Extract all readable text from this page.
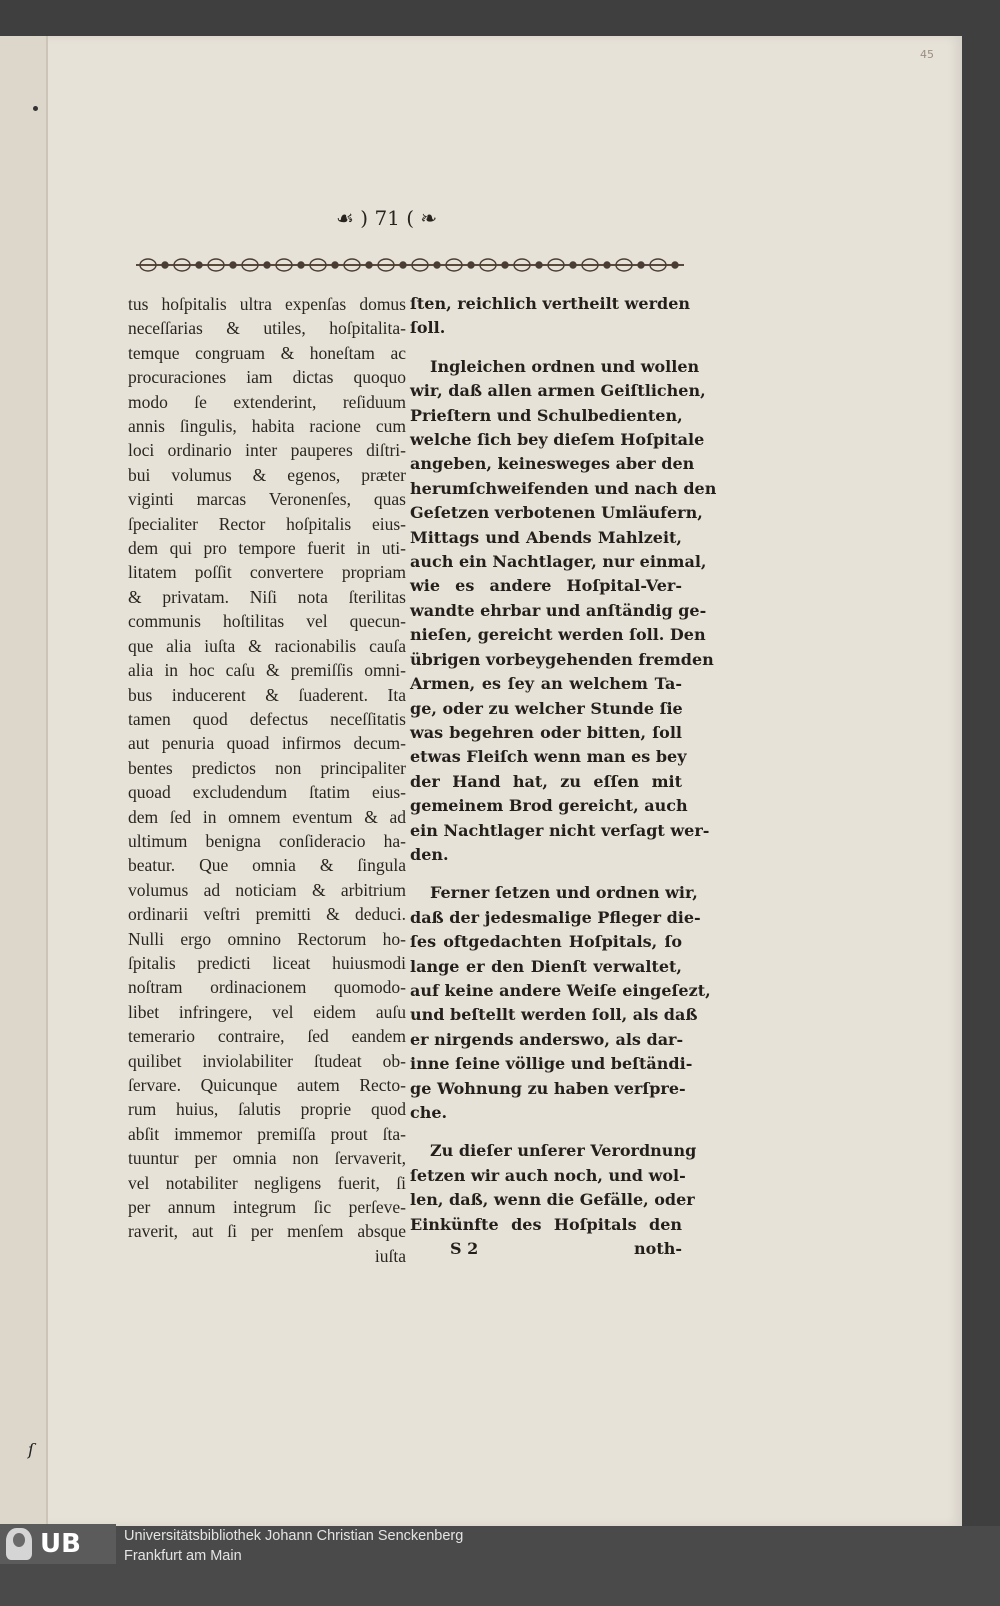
ſ
45
☙ ) 71 ( ❧
tus hoſpitalis ultra expenſas domus
neceſſarias & utiles, hoſpitalita-
temque congruam & honeſtam ac
procuraciones iam dictas quoquo
modo ſe extenderint, reſiduum
annis ſingulis, habita racione cum
loci ordinario inter pauperes diſtri-
bui volumus & egenos, præter
viginti marcas Veronenſes, quas
ſpecialiter Rector hoſpitalis eius-
dem qui pro tempore fuerit in uti-
litatem poſſit convertere propriam
& privatam. Niſi nota ſterilitas
communis hoſtilitas vel quecun-
que alia iuſta & racionabilis cauſa
alia in hoc caſu & premiſſis omni-
bus inducerent & ſuaderent. Ita
tamen quod defectus neceſſitatis
aut penuria quoad infirmos decum-
bentes predictos non principaliter
quoad excludendum ſtatim eius-
dem ſed in omnem eventum & ad
ultimum benigna conſideracio ha-
beatur. Que omnia & ſingula
volumus ad noticiam & arbitrium
ordinarii veſtri premitti & deduci.
Nulli ergo omnino Rectorum ho-
ſpitalis predicti liceat huiusmodi
noſtram ordinacionem quomodo-
libet infringere, vel eidem auſu
temerario contraire, ſed eandem
quilibet inviolabiliter ſtudeat ob-
ſervare. Quicunque autem Recto-
rum huius, ſalutis proprie quod
abſit immemor premiſſa prout ſta-
tuuntur per omnia non ſervaverit,
vel notabiliter negligens fuerit, ſi
per annum integrum ſic perſeve-
raverit, aut ſi per menſem absque
iuſta
ſten, reichlich vertheilt werden
ſoll.
Ingleichen ordnen und wollen
wir, daß allen armen Geiſtlichen,
Prieſtern und Schulbedienten,
welche ſich bey dieſem Hoſpitale
angeben, keinesweges aber den
herumſchweifenden und nach den
Geſetzen verbotenen Umläufern,
Mittags und Abends Mahlzeit,
auch ein Nachtlager, nur einmal,
wie es andere Hoſpital-Ver-
wandte ehrbar und anſtändig ge-
nieſen, gereicht werden ſoll. Den
übrigen vorbeygehenden fremden
Armen, es ſey an welchem Ta-
ge, oder zu welcher Stunde ſie
was begehren oder bitten, ſoll
etwas Fleiſch wenn man es bey
der Hand hat, zu eſſen mit
gemeinem Brod gereicht, auch
ein Nachtlager nicht verſagt wer-
den.
Ferner ſetzen und ordnen wir,
daß der jedesmalige Pfleger die-
ſes oftgedachten Hoſpitals, ſo
lange er den Dienſt verwaltet,
auf keine andere Weiſe eingeſezt,
und beſtellt werden ſoll, als daß
er nirgends anderswo, als dar-
inne ſeine völlige und beſtändi-
ge Wohnung zu haben verſpre-
che.
Zu dieſer unſerer Verordnung
ſetzen wir auch noch, und wol-
len, daß, wenn die Gefälle, oder
Einkünfte des Hoſpitals den
S 2	noth-
UB	Universitätsbibliothek Johann Christian Senckenberg
Frankfurt am Main
